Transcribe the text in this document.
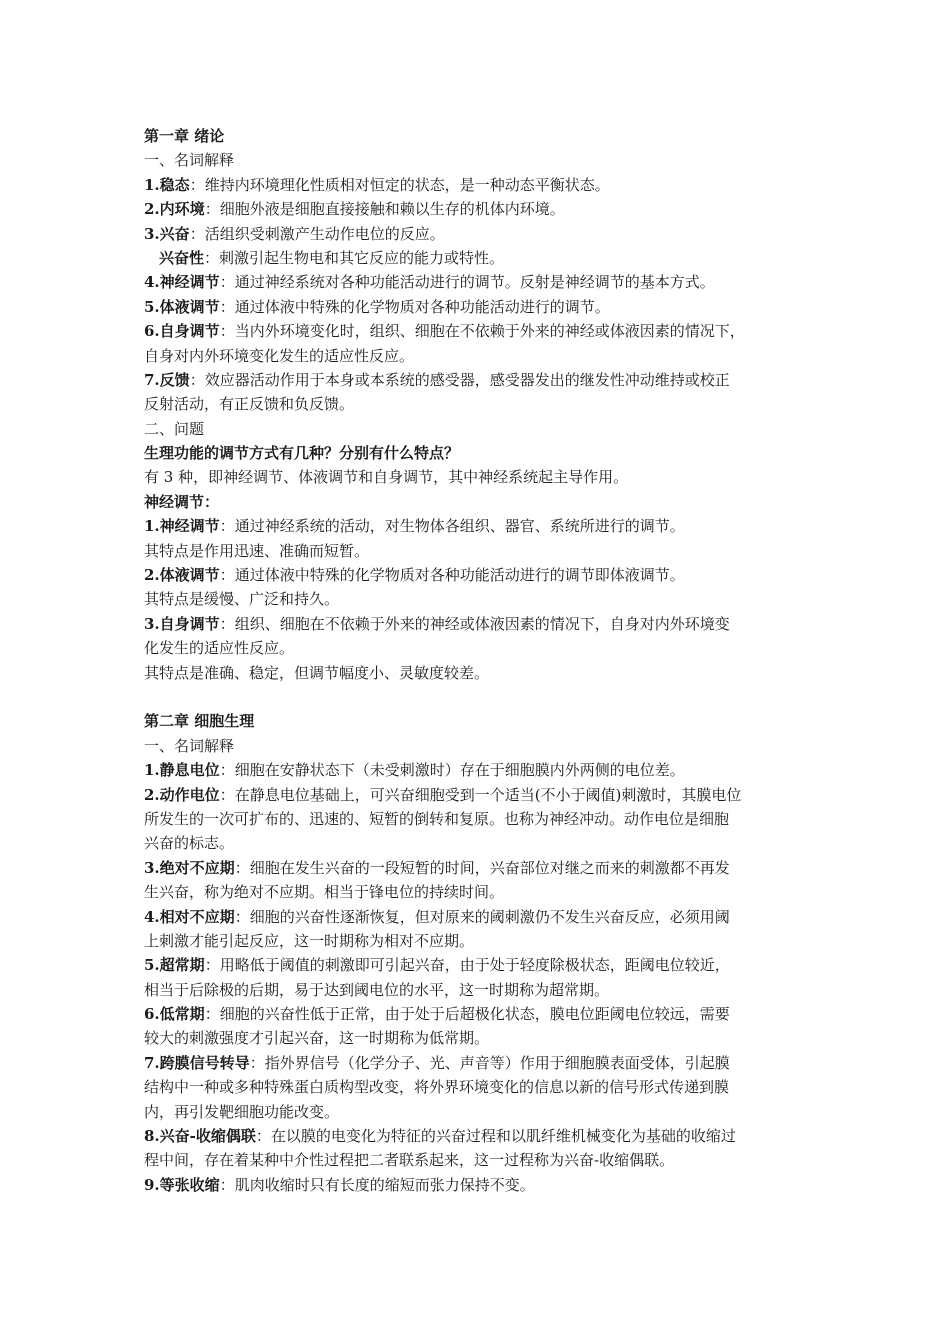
第一章 绪论
一、名词解释
1.稳态：维持内环境理化性质相对恒定的状态，是一种动态平衡状态。
2.内环境：细胞外液是细胞直接接触和赖以生存的机体内环境。
3.兴奋：活组织受刺激产生动作电位的反应。
兴奋性：刺激引起生物电和其它反应的能力或特性。
4.神经调节：通过神经系统对各种功能活动进行的调节。反射是神经调节的基本方式。
5.体液调节：通过体液中特殊的化学物质对各种功能活动进行的调节。
6.自身调节：当内外环境变化时，组织、细胞在不依赖于外来的神经或体液因素的情况下，
自身对内外环境变化发生的适应性反应。
7.反馈：效应器活动作用于本身或本系统的感受器，感受器发出的继发性冲动维持或校正
反射活动，有正反馈和负反馈。
二、问题
生理功能的调节方式有几种？分别有什么特点？
有 3 种，即神经调节、体液调节和自身调节，其中神经系统起主导作用。
神经调节：
1.神经调节：通过神经系统的活动，对生物体各组织、器官、系统所进行的调节。
其特点是作用迅速、准确而短暂。
2.体液调节：通过体液中特殊的化学物质对各种功能活动进行的调节即体液调节。
其特点是缓慢、广泛和持久。
3.自身调节：组织、细胞在不依赖于外来的神经或体液因素的情况下，自身对内外环境变
化发生的适应性反应。
其特点是准确、稳定，但调节幅度小、灵敏度较差。
第二章 细胞生理
一、名词解释
1.静息电位：细胞在安静状态下（未受刺激时）存在于细胞膜内外两侧的电位差。
2.动作电位：在静息电位基础上，可兴奋细胞受到一个适当(不小于阈值)刺激时，其膜电位
所发生的一次可扩布的、迅速的、短暂的倒转和复原。也称为神经冲动。动作电位是细胞
兴奋的标志。
3.绝对不应期：细胞在发生兴奋的一段短暂的时间，兴奋部位对继之而来的刺激都不再发
生兴奋，称为绝对不应期。相当于锋电位的持续时间。
4.相对不应期：细胞的兴奋性逐渐恢复，但对原来的阈刺激仍不发生兴奋反应，必须用阈
上刺激才能引起反应，这一时期称为相对不应期。
5.超常期：用略低于阈值的刺激即可引起兴奋，由于处于轻度除极状态，距阈电位较近，
相当于后除极的后期，易于达到阈电位的水平，这一时期称为超常期。
6.低常期：细胞的兴奋性低于正常，由于处于后超极化状态，膜电位距阈电位较远，需要
较大的刺激强度才引起兴奋，这一时期称为低常期。
7.跨膜信号转导：指外界信号（化学分子、光、声音等）作用于细胞膜表面受体，引起膜
结构中一种或多种特殊蛋白质构型改变，将外界环境变化的信息以新的信号形式传递到膜
内，再引发靶细胞功能改变。
8.兴奋-收缩偶联：在以膜的电变化为特征的兴奋过程和以肌纤维机械变化为基础的收缩过
程中间，存在着某种中介性过程把二者联系起来，这一过程称为兴奋-收缩偶联。
9.等张收缩：肌肉收缩时只有长度的缩短而张力保持不变。
